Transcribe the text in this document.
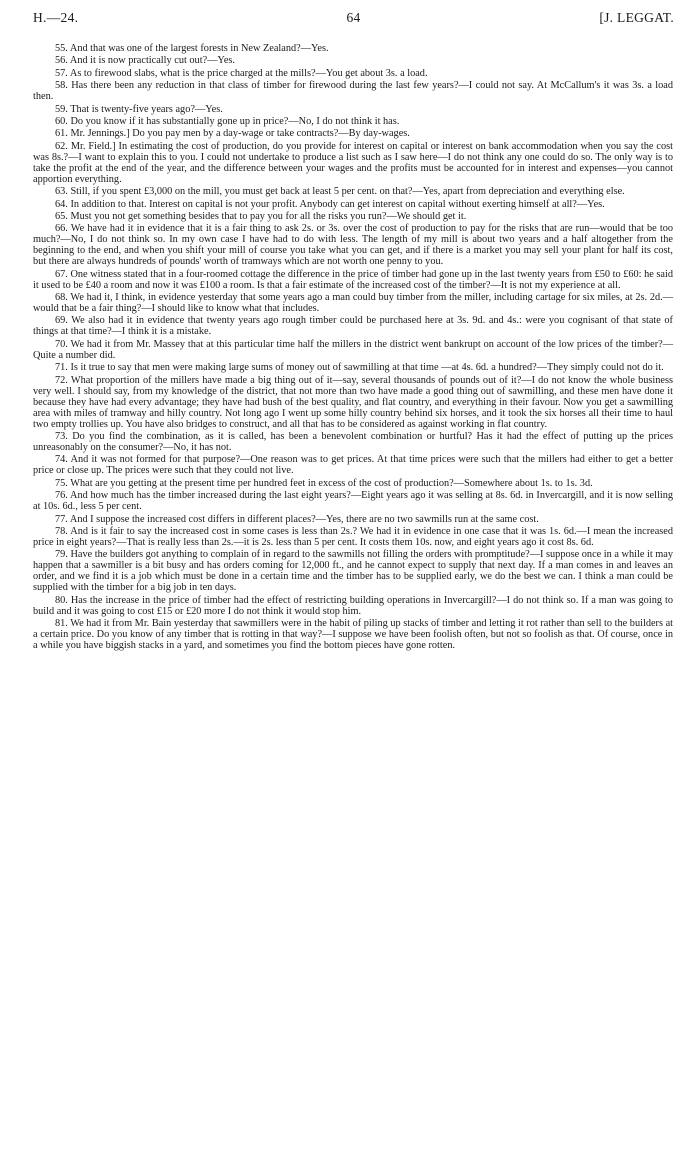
H.—24.	64	[J. LEGGAT.

55. And that was one of the largest forests in New Zealand?—Yes.

56. And it is now practically cut out?—Yes.

57. As to firewood slabs, what is the price charged at the mills?—You get about 3s. a load.

58. Has there been any reduction in that class of timber for firewood during the last few years?—I could not say. At McCallum's it was 3s. a load then.

59. That is twenty-five years ago?—Yes.

60. Do you know if it has substantially gone up in price?—No, I do not think it has.

61. Mr. Jennings.] Do you pay men by a day-wage or take contracts?—By day-wages.

62. Mr. Field.] In estimating the cost of production, do you provide for interest on capital or interest on bank accommodation when you say the cost was 8s.?—I want to explain this to you. I could not undertake to produce a list such as I saw here—I do not think any one could do so. The only way is to take the profit at the end of the year, and the difference between your wages and the profits must be accounted for in interest and expenses—you cannot apportion everything.

63. Still, if you spent £3,000 on the mill, you must get back at least 5 per cent. on that?—Yes, apart from depreciation and everything else.

64. In addition to that. Interest on capital is not your profit. Anybody can get interest on capital without exerting himself at all?—Yes.

65. Must you not get something besides that to pay you for all the risks you run?—We should get it.

66. We have had it in evidence that it is a fair thing to ask 2s. or 3s. over the cost of production to pay for the risks that are run—would that be too much?—No, I do not think so. In my own case I have had to do with less. The length of my mill is about two years and a half altogether from the beginning to the end, and when you shift your mill of course you take what you can get, and if there is a market you may sell your plant for half its cost, but there are always hundreds of pounds' worth of tramways which are not worth one penny to you.

67. One witness stated that in a four-roomed cottage the difference in the price of timber had gone up in the last twenty years from £50 to £60: he said it used to be £40 a room and now it was £100 a room. Is that a fair estimate of the increased cost of the timber?—It is not my experience at all.

68. We had it, I think, in evidence yesterday that some years ago a man could buy timber from the miller, including cartage for six miles, at 2s. 2d.—would that be a fair thing?—I should like to know what that includes.

69. We also had it in evidence that twenty years ago rough timber could be purchased here at 3s. 9d. and 4s.: were you cognisant of that state of things at that time?—I think it is a mistake.

70. We had it from Mr. Massey that at this particular time half the millers in the district went bankrupt on account of the low prices of the timber?—Quite a number did.

71. Is it true to say that men were making large sums of money out of sawmilling at that time —at 4s. 6d. a hundred?—They simply could not do it.

72. What proportion of the millers have made a big thing out of it—say, several thousands of pounds out of it?—I do not know the whole business very well. I should say, from my knowledge of the district, that not more than two have made a good thing out of sawmilling, and these men have done it because they have had every advantage; they have had bush of the best quality, and flat country, and everything in their favour. Now you get a sawmilling area with miles of tramway and hilly country. Not long ago I went up some hilly country behind six horses, and it took the six horses all their time to haul two empty trollies up. You have also bridges to construct, and all that has to be considered as against working in flat country.

73. Do you find the combination, as it is called, has been a benevolent combination or hurtful? Has it had the effect of putting up the prices unreasonably on the consumer?—No, it has not.

74. And it was not formed for that purpose?—One reason was to get prices. At that time prices were such that the millers had either to get a better price or close up. The prices were such that they could not live.

75. What are you getting at the present time per hundred feet in excess of the cost of production?—Somewhere about 1s. to 1s. 3d.

76. And how much has the timber increased during the last eight years?—Eight years ago it was selling at 8s. 6d. in Invercargill, and it is now selling at 10s. 6d., less 5 per cent.

77. And I suppose the increased cost differs in different places?—Yes, there are no two sawmills run at the same cost.

78. And is it fair to say the increased cost in some cases is less than 2s.? We had it in evidence in one case that it was 1s. 6d.—I mean the increased price in eight years?—That is really less than 2s.—it is 2s. less than 5 per cent. It costs them 10s. now, and eight years ago it cost 8s. 6d.

79. Have the builders got anything to complain of in regard to the sawmills not filling the orders with promptitude?—I suppose once in a while it may happen that a sawmiller is a bit busy and has orders coming for 12,000 ft., and he cannot expect to supply that next day. If a man comes in and leaves an order, and we find it is a job which must be done in a certain time and the timber has to be supplied early, we do the best we can. I think a man could be supplied with the timber for a big job in ten days.

80. Has the increase in the price of timber had the effect of restricting building operations in Invercargill?—I do not think so. If a man was going to build and it was going to cost £15 or £20 more I do not think it would stop him.

81. We had it from Mr. Bain yesterday that sawmillers were in the habit of piling up stacks of timber and letting it rot rather than sell to the builders at a certain price. Do you know of any timber that is rotting in that way?—I suppose we have been foolish often, but not so foolish as that. Of course, once in a while you have biggish stacks in a yard, and sometimes you find the bottom pieces have gone rotten.
